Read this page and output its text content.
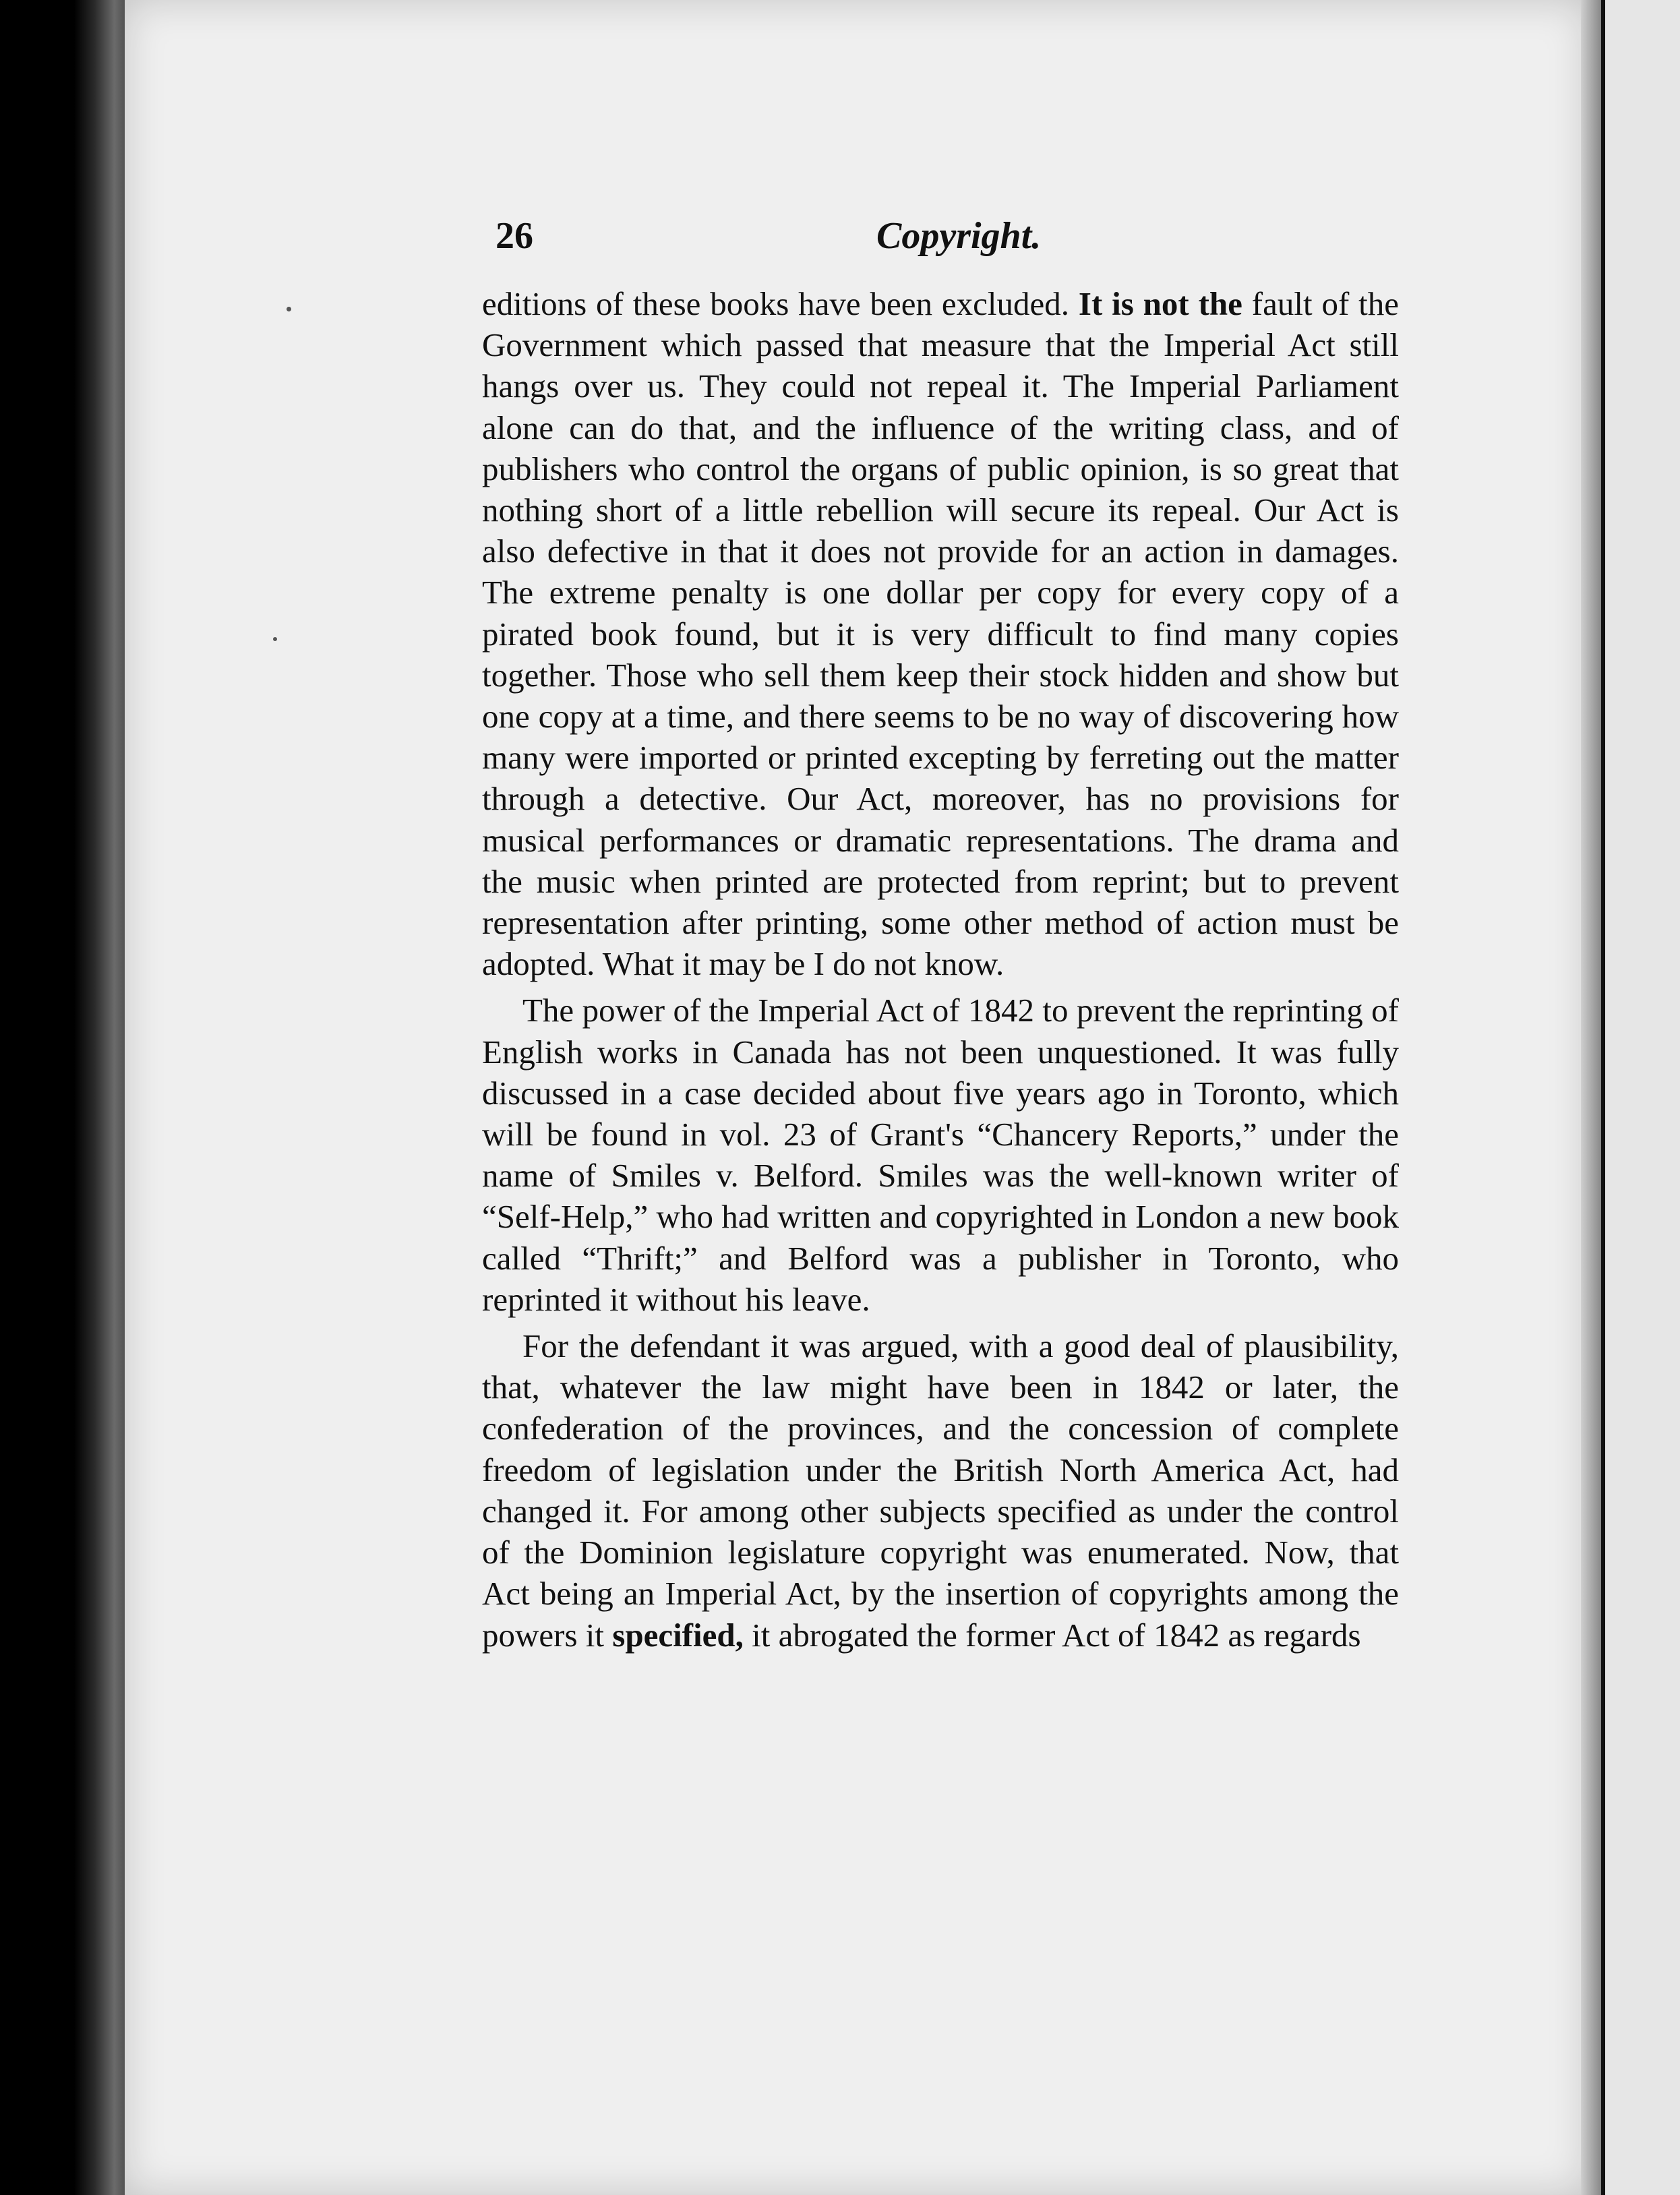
26	Copyright.

editions of these books have been excluded. It is not the fault of the Government which passed that measure that the Imperial Act still hangs over us. They could not repeal it. The Imperial Parliament alone can do that, and the influence of the writing class, and of publishers who control the organs of public opinion, is so great that nothing short of a little rebellion will secure its repeal. Our Act is also defective in that it does not provide for an action in damages. The extreme penalty is one dollar per copy for every copy of a pirated book found, but it is very difficult to find many copies together. Those who sell them keep their stock hidden and show but one copy at a time, and there seems to be no way of discovering how many were imported or printed excepting by ferreting out the matter through a detective. Our Act, moreover, has no provisions for musical performances or dramatic representations. The drama and the music when printed are protected from reprint; but to prevent representation after printing, some other method of action must be adopted. What it may be I do not know.

The power of the Imperial Act of 1842 to prevent the reprinting of English works in Canada has not been unquestioned. It was fully discussed in a case decided about five years ago in Toronto, which will be found in vol. 23 of Grant's “Chancery Reports,” under the name of Smiles v. Belford. Smiles was the well-known writer of “Self-Help,” who had written and copyrighted in London a new book called “Thrift;” and Belford was a publisher in Toronto, who reprinted it without his leave.

For the defendant it was argued, with a good deal of plausibility, that, whatever the law might have been in 1842 or later, the confederation of the provinces, and the concession of complete freedom of legislation under the British North America Act, had changed it. For among other subjects specified as under the control of the Dominion legislature copyright was enumerated. Now, that Act being an Imperial Act, by the insertion of copyrights among the powers it specified, it abrogated the former Act of 1842 as regards
